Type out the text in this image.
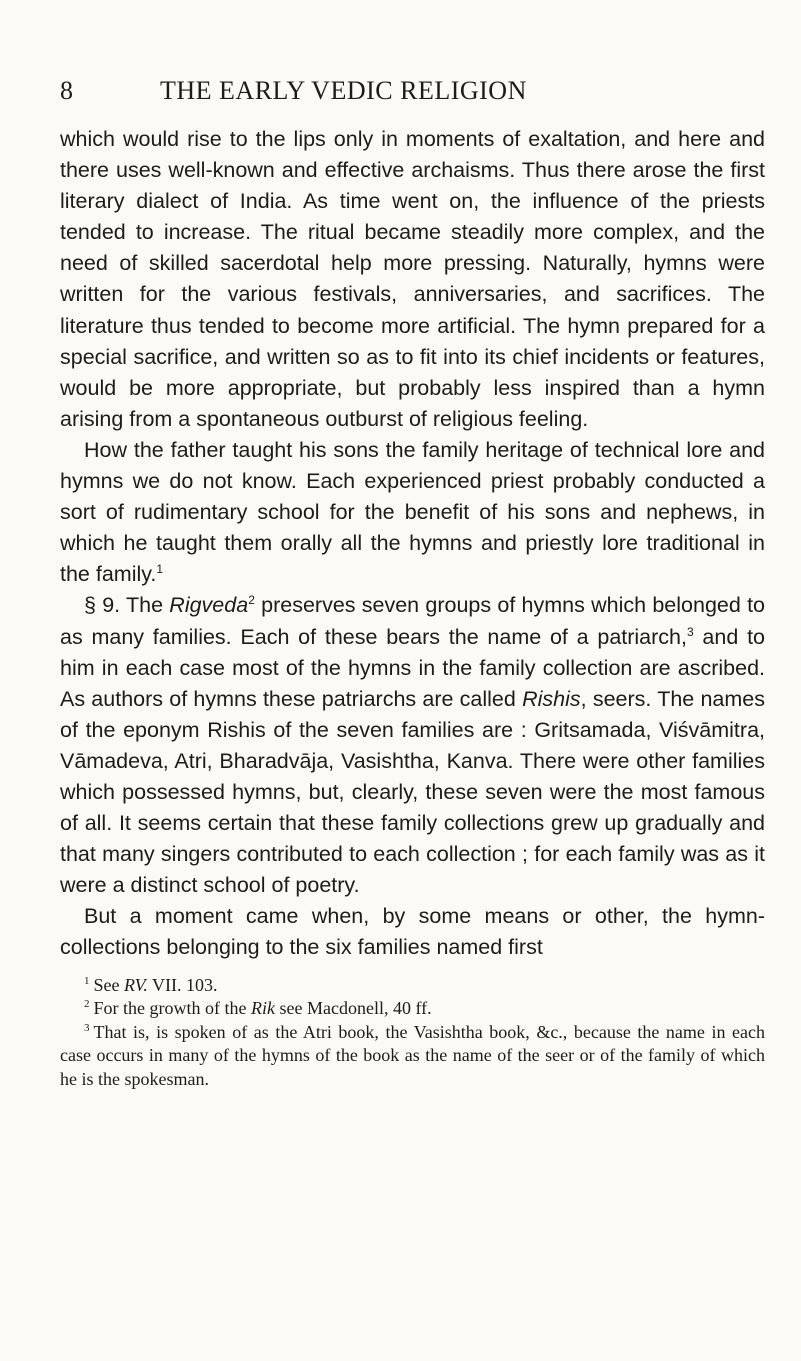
8	THE EARLY VEDIC RELIGION

which would rise to the lips only in moments of exaltation, and here and there uses well-known and effective archaisms. Thus there arose the first literary dialect of India. As time went on, the influence of the priests tended to increase. The ritual became steadily more complex, and the need of skilled sacerdotal help more pressing. Naturally, hymns were written for the various festivals, anniversaries, and sacrifices. The literature thus tended to become more artificial. The hymn prepared for a special sacrifice, and written so as to fit into its chief incidents or features, would be more appropriate, but probably less inspired than a hymn arising from a spontaneous outburst of religious feeling.

How the father taught his sons the family heritage of technical lore and hymns we do not know. Each experienced priest probably conducted a sort of rudimentary school for the benefit of his sons and nephews, in which he taught them orally all the hymns and priestly lore traditional in the family.$^1$

§ 9. The Rigveda$^2$ preserves seven groups of hymns which belonged to as many families. Each of these bears the name of a patriarch,$^3$ and to him in each case most of the hymns in the family collection are ascribed. As authors of hymns these patriarchs are called Rishis, seers. The names of the eponym Rishis of the seven families are : Gritsamada, Viśvāmitra, Vāmadeva, Atri, Bharadvāja, Vasishtha, Kanva. There were other families which possessed hymns, but, clearly, these seven were the most famous of all. It seems certain that these family collections grew up gradually and that many singers contributed to each collection ; for each family was as it were a distinct school of poetry.

But a moment came when, by some means or other, the hymn-collections belonging to the six families named first

$^1$ See RV. VII. 103.

$^2$ For the growth of the Rik see Macdonell, 40 ff.

$^3$ That is, is spoken of as the Atri book, the Vasishtha book, &c., because the name in each case occurs in many of the hymns of the book as the name of the seer or of the family of which he is the spokesman.
